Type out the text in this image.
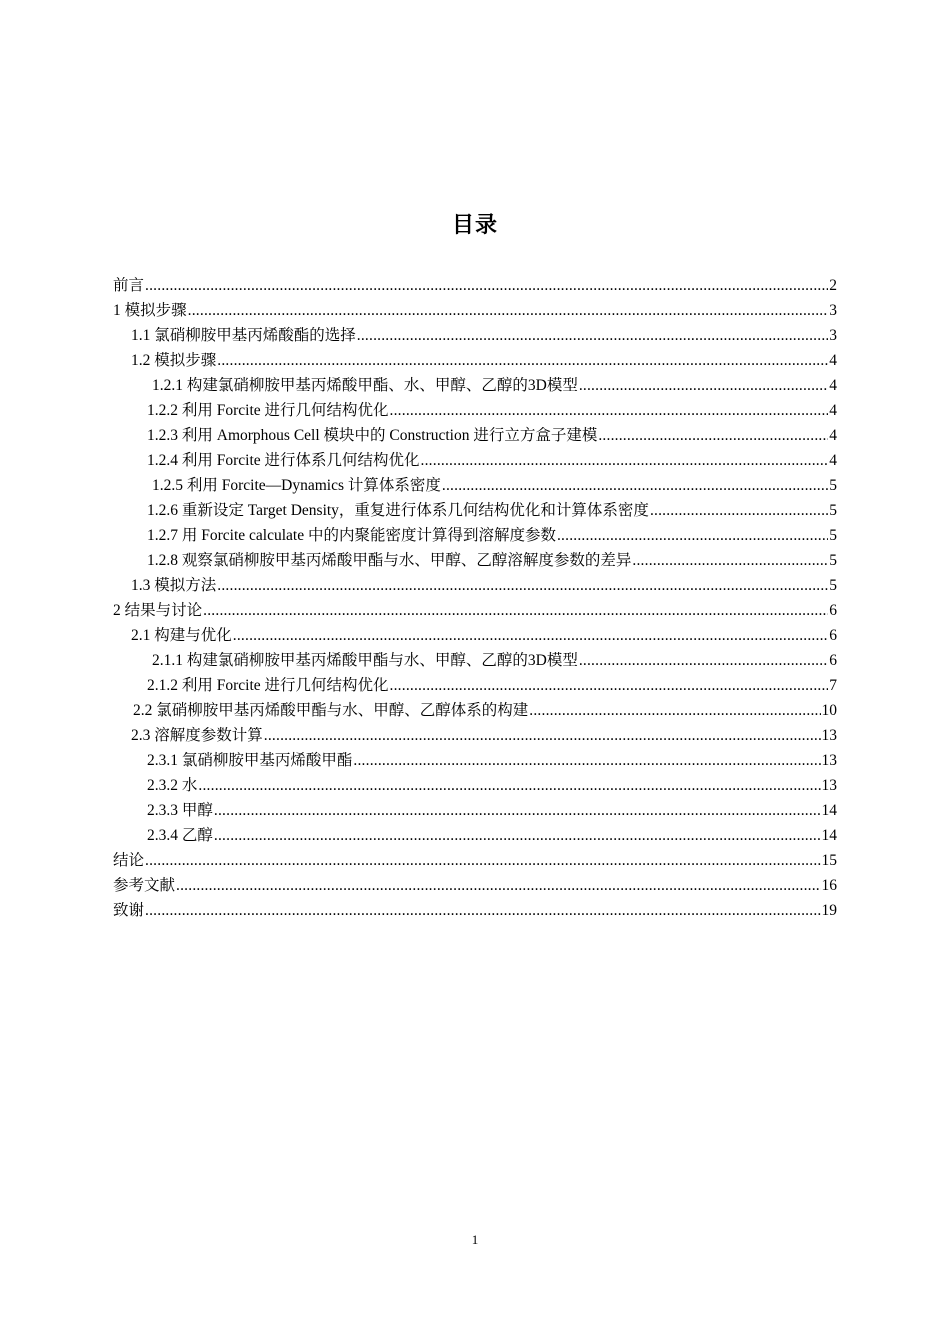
目录
前言 .....	2
1 模拟步骤 .....	3
1.1 氯硝柳胺甲基丙烯酸酯的选择 .....	3
1.2 模拟步骤 .....	4
1.2.1 构建氯硝柳胺甲基丙烯酸甲酯、水、甲醇、乙醇的3D模型 .....	4
1.2.2 利用 Forcite 进行几何结构优化 .....	4
1.2.3 利用 Amorphous Cell 模块中的 Construction 进行立方盒子建模 .....	4
1.2.4 利用 Forcite 进行体系几何结构优化 .....	4
1.2.5 利用 Forcite—Dynamics 计算体系密度 .....	5
1.2.6 重新设定 Target Density，重复进行体系几何结构优化和计算体系密度 .....	5
1.2.7 用 Forcite calculate 中的内聚能密度计算得到溶解度参数 .....	5
1.2.8 观察氯硝柳胺甲基丙烯酸甲酯与水、甲醇、乙醇溶解度参数的差异 .....	5
1.3 模拟方法 .....	5
2 结果与讨论 .....	6
2.1 构建与优化 .....	6
2.1.1 构建氯硝柳胺甲基丙烯酸甲酯与水、甲醇、乙醇的3D模型 .....	6
2.1.2 利用 Forcite 进行几何结构优化 .....	7
2.2 氯硝柳胺甲基丙烯酸甲酯与水、甲醇、乙醇体系的构建 .....	10
2.3 溶解度参数计算 .....	13
2.3.1 氯硝柳胺甲基丙烯酸甲酯 .....	13
2.3.2 水 .....	13
2.3.3 甲醇 .....	14
2.3.4 乙醇 .....	14
结论 .....	15
参考文献 .....	16
致谢 .....	19
1
